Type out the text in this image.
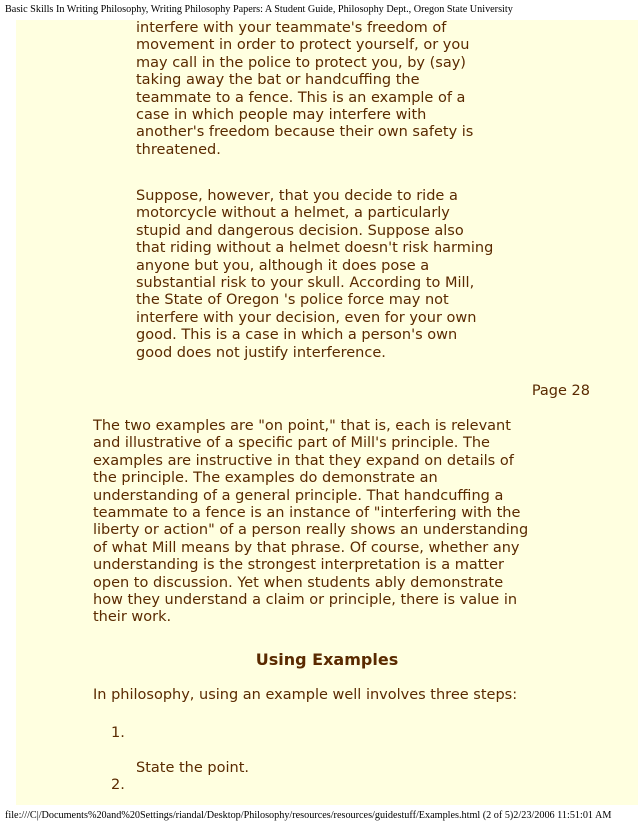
Basic Skills In Writing Philosophy, Writing Philosophy Papers: A Student Guide, Philosophy Dept., Oregon State University

interfere with your teammate's freedom of
movement in order to protect yourself, or you
may call in the police to protect you, by (say)
taking away the bat or handcuffing the
teammate to a fence. This is an example of a
case in which people may interfere with
another's freedom because their own safety is
threatened.

Suppose, however, that you decide to ride a
motorcycle without a helmet, a particularly
stupid and dangerous decision. Suppose also
that riding without a helmet doesn't risk harming
anyone but you, although it does pose a
substantial risk to your skull. According to Mill,
the State of Oregon 's police force may not
interfere with your decision, even for your own
good. This is a case in which a person's own
good does not justify interference.

Page 28

The two examples are "on point," that is, each is relevant
and illustrative of a specific part of Mill's principle. The
examples are instructive in that they expand on details of
the principle. The examples do demonstrate an
understanding of a general principle. That handcuffing a
teammate to a fence is an instance of "interfering with the
liberty or action" of a person really shows an understanding
of what Mill means by that phrase. Of course, whether any
understanding is the strongest interpretation is a matter
open to discussion. Yet when students ably demonstrate
how they understand a claim or principle, there is value in
their work.

Using Examples

In philosophy, using an example well involves three steps:

1.

State the point.

2.

file:///C|/Documents%20and%20Settings/riandal/Desktop/Philosophy/resources/resources/guidestuff/Examples.html (2 of 5)2/23/2006 11:51:01 AM
